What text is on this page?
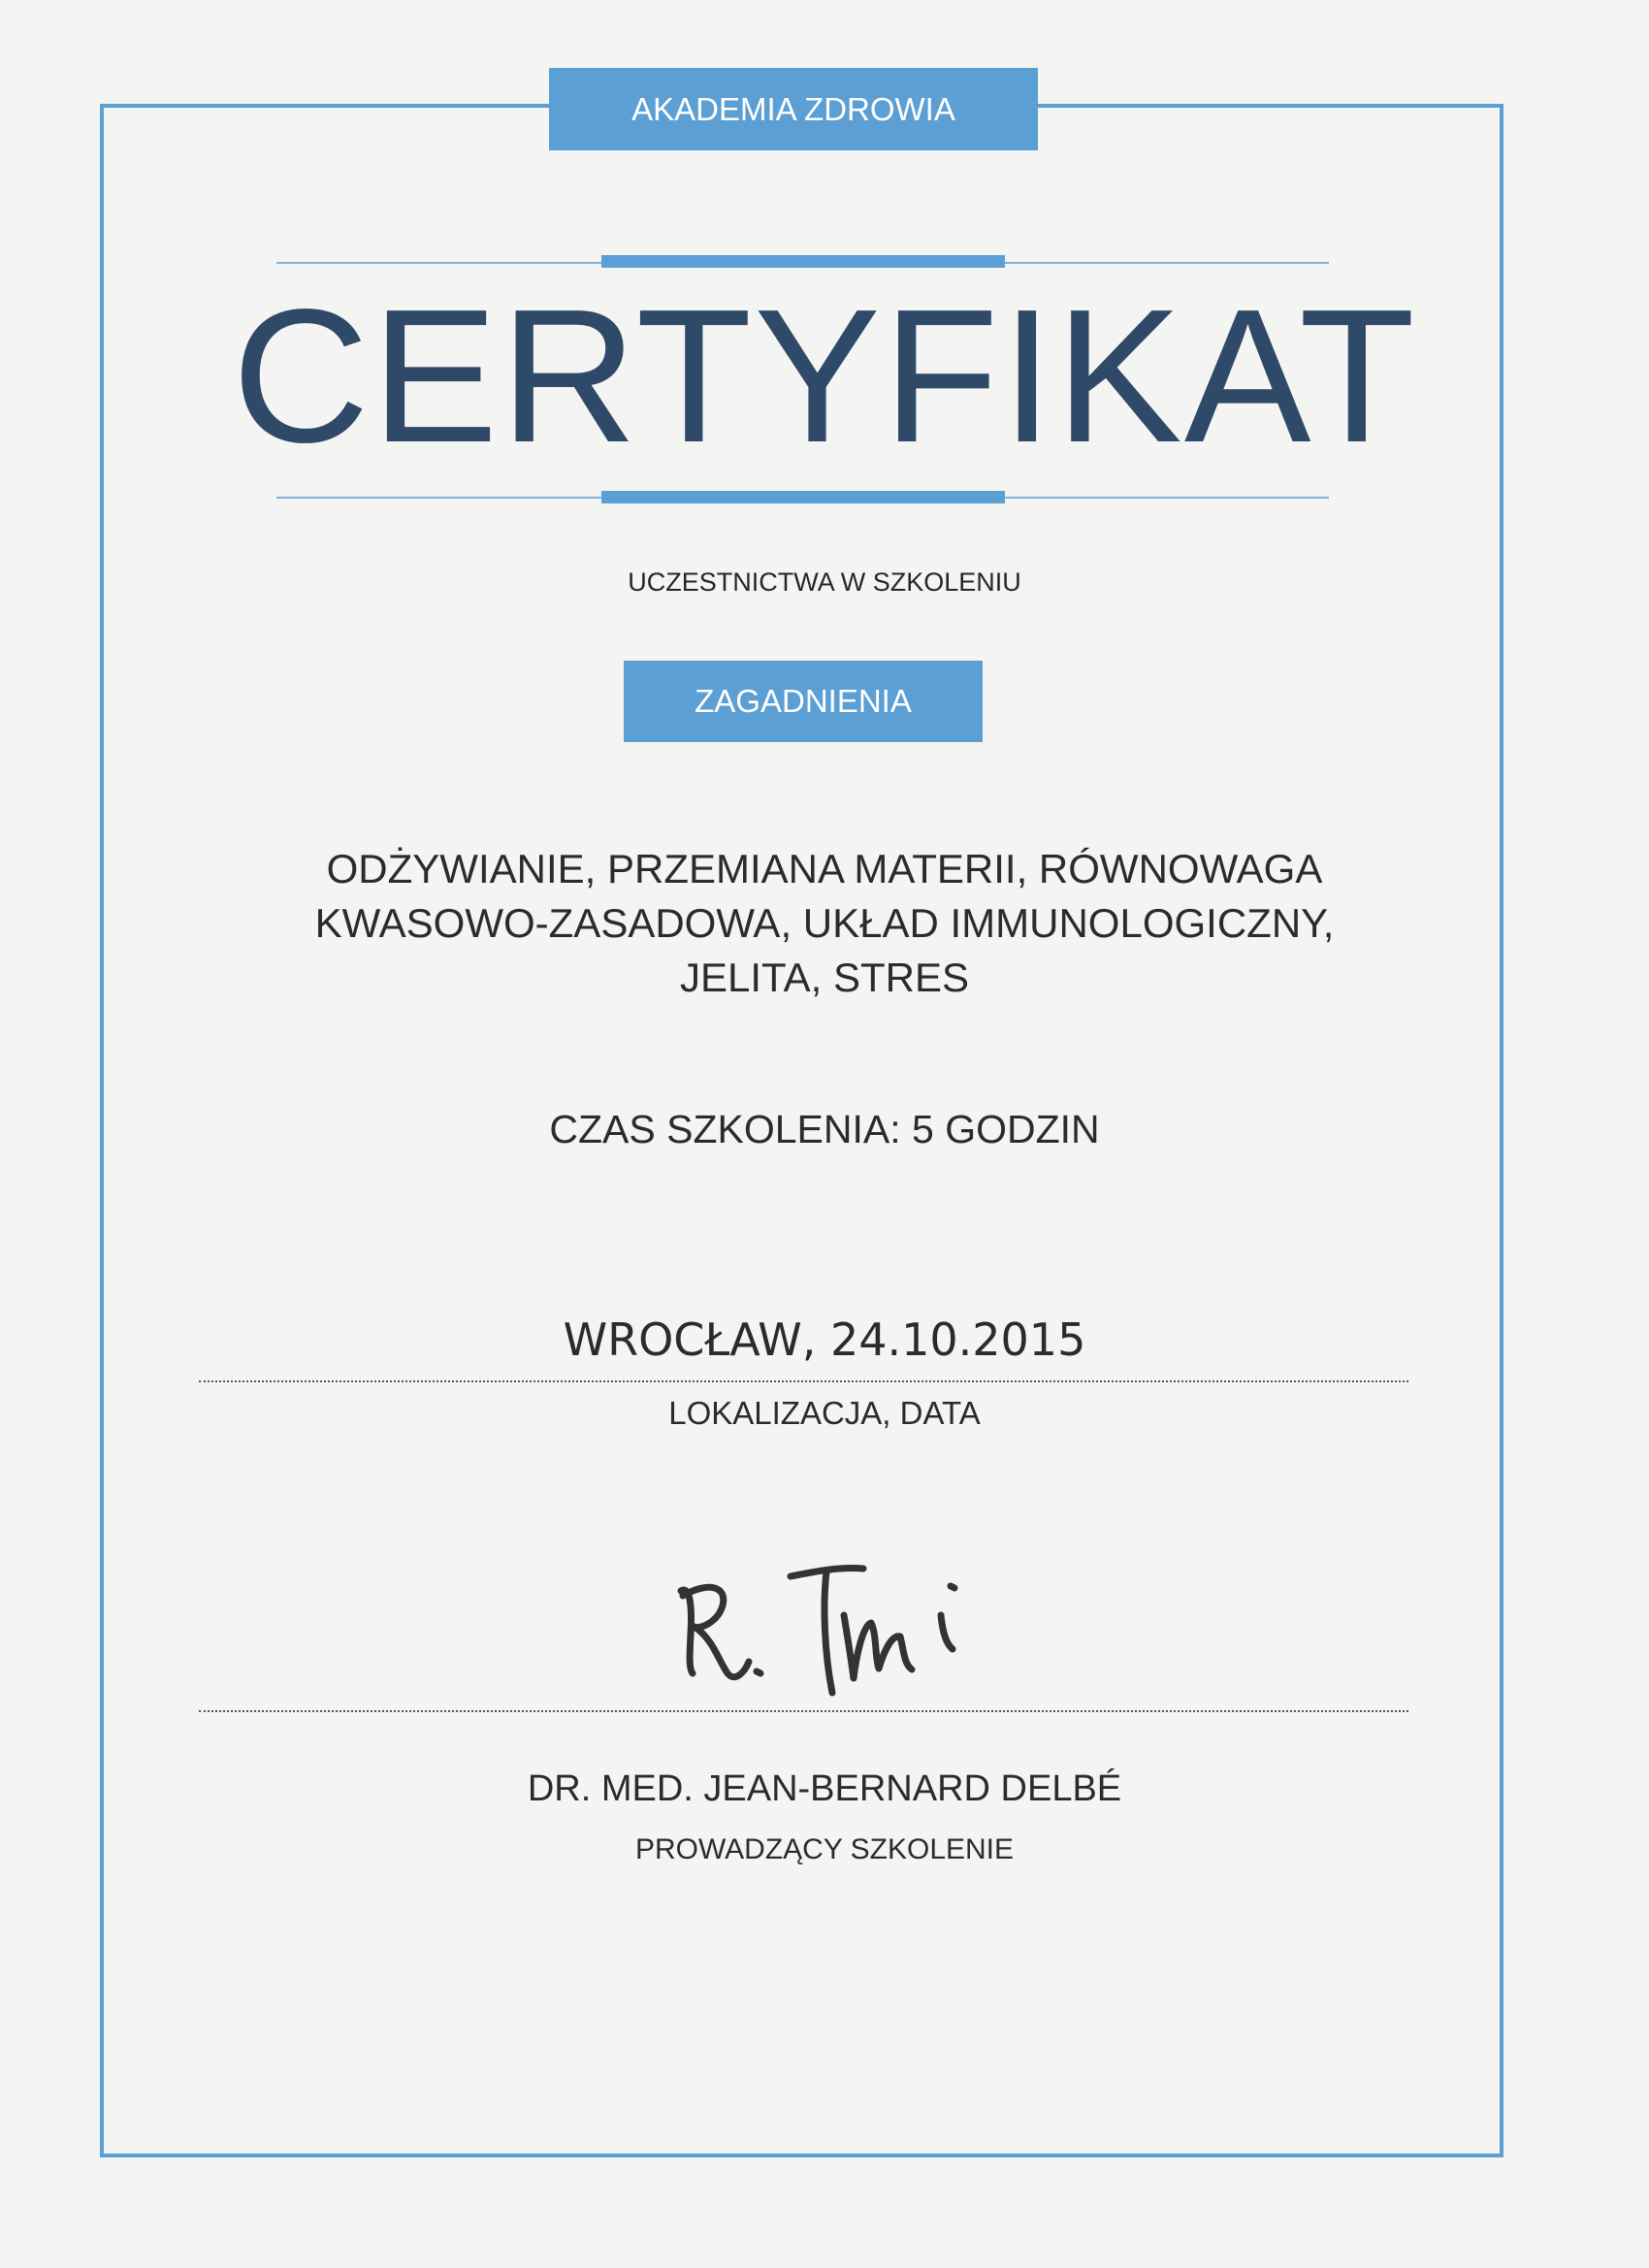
AKADEMIA ZDROWIA
CERTYFIKAT
UCZESTNICTWA W SZKOLENIU
ZAGADNIENIA
ODŻYWIANIE, PRZEMIANA MATERII, RÓWNOWAGA
KWASOWO-ZASADOWA, UKŁAD IMMUNOLOGICZNY,
JELITA, STRES
CZAS SZKOLENIA: 5 GODZIN
WROCŁAW, 24.10.2015
LOKALIZACJA, DATA
DR. MED. JEAN-BERNARD DELBÉ
PROWADZĄCY SZKOLENIE
